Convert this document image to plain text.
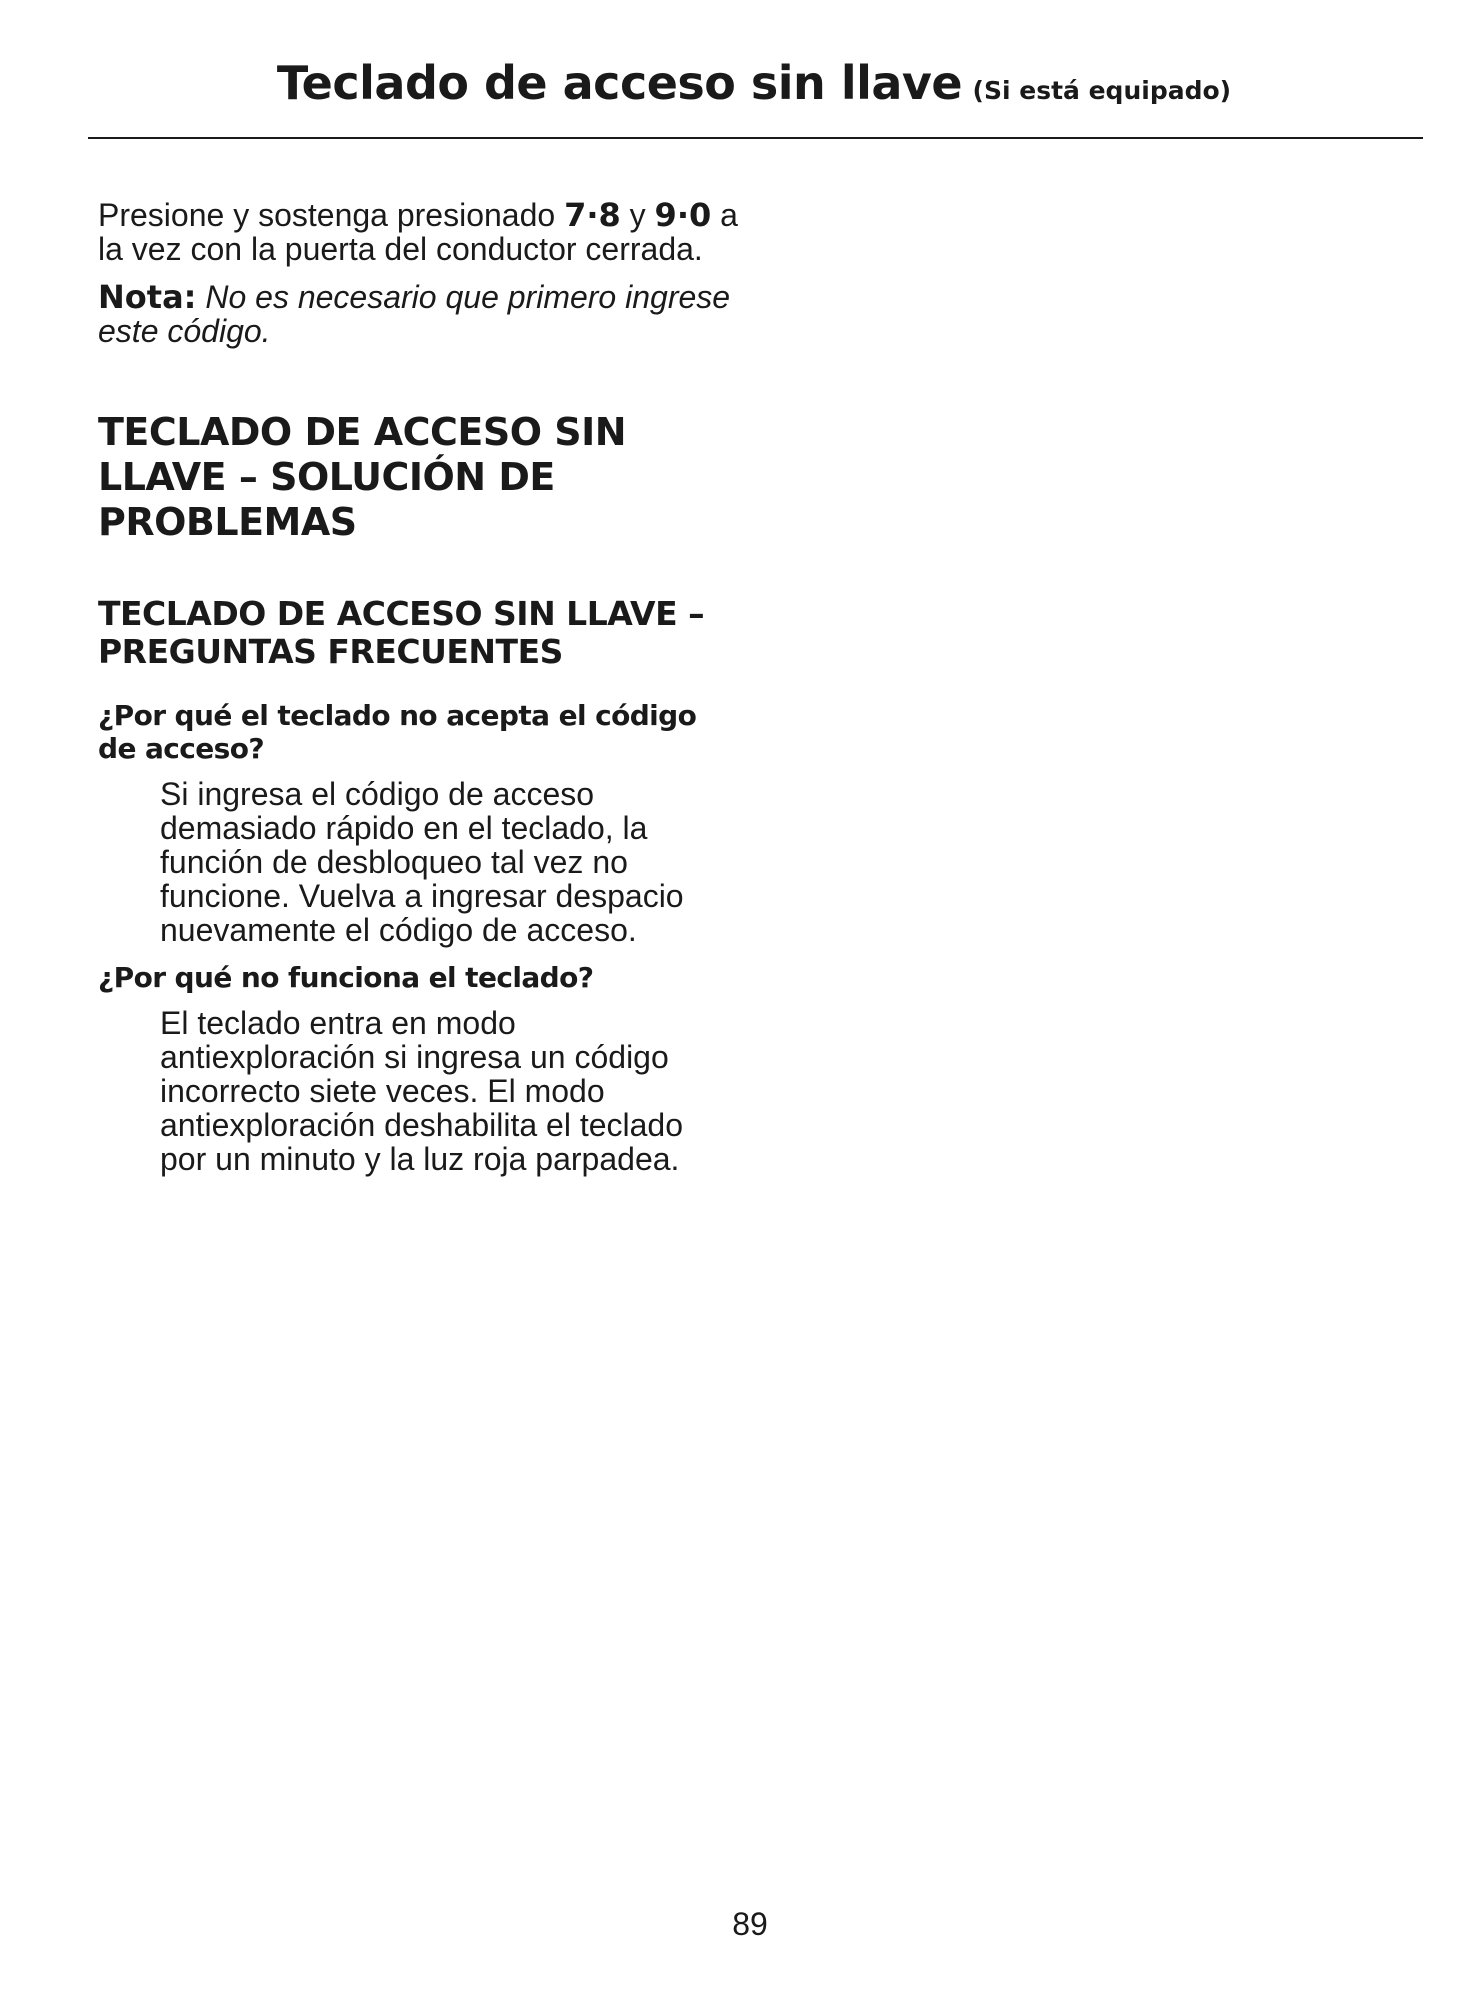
Teclado de acceso sin llave (Si está equipado)

Presione y sostenga presionado 7·8 y 9·0 a la vez con la puerta del conductor cerrada.

Nota: No es necesario que primero ingrese este código.

TECLADO DE ACCESO SIN LLAVE – SOLUCIÓN DE PROBLEMAS
TECLADO DE ACCESO SIN LLAVE – PREGUNTAS FRECUENTES

¿Por qué el teclado no acepta el código de acceso?

Si ingresa el código de acceso demasiado rápido en el teclado, la función de desbloqueo tal vez no funcione. Vuelva a ingresar despacio nuevamente el código de acceso.

¿Por qué no funciona el teclado?

El teclado entra en modo antiexploración si ingresa un código incorrecto siete veces. El modo antiexploración deshabilita el teclado por un minuto y la luz roja parpadea.

89
